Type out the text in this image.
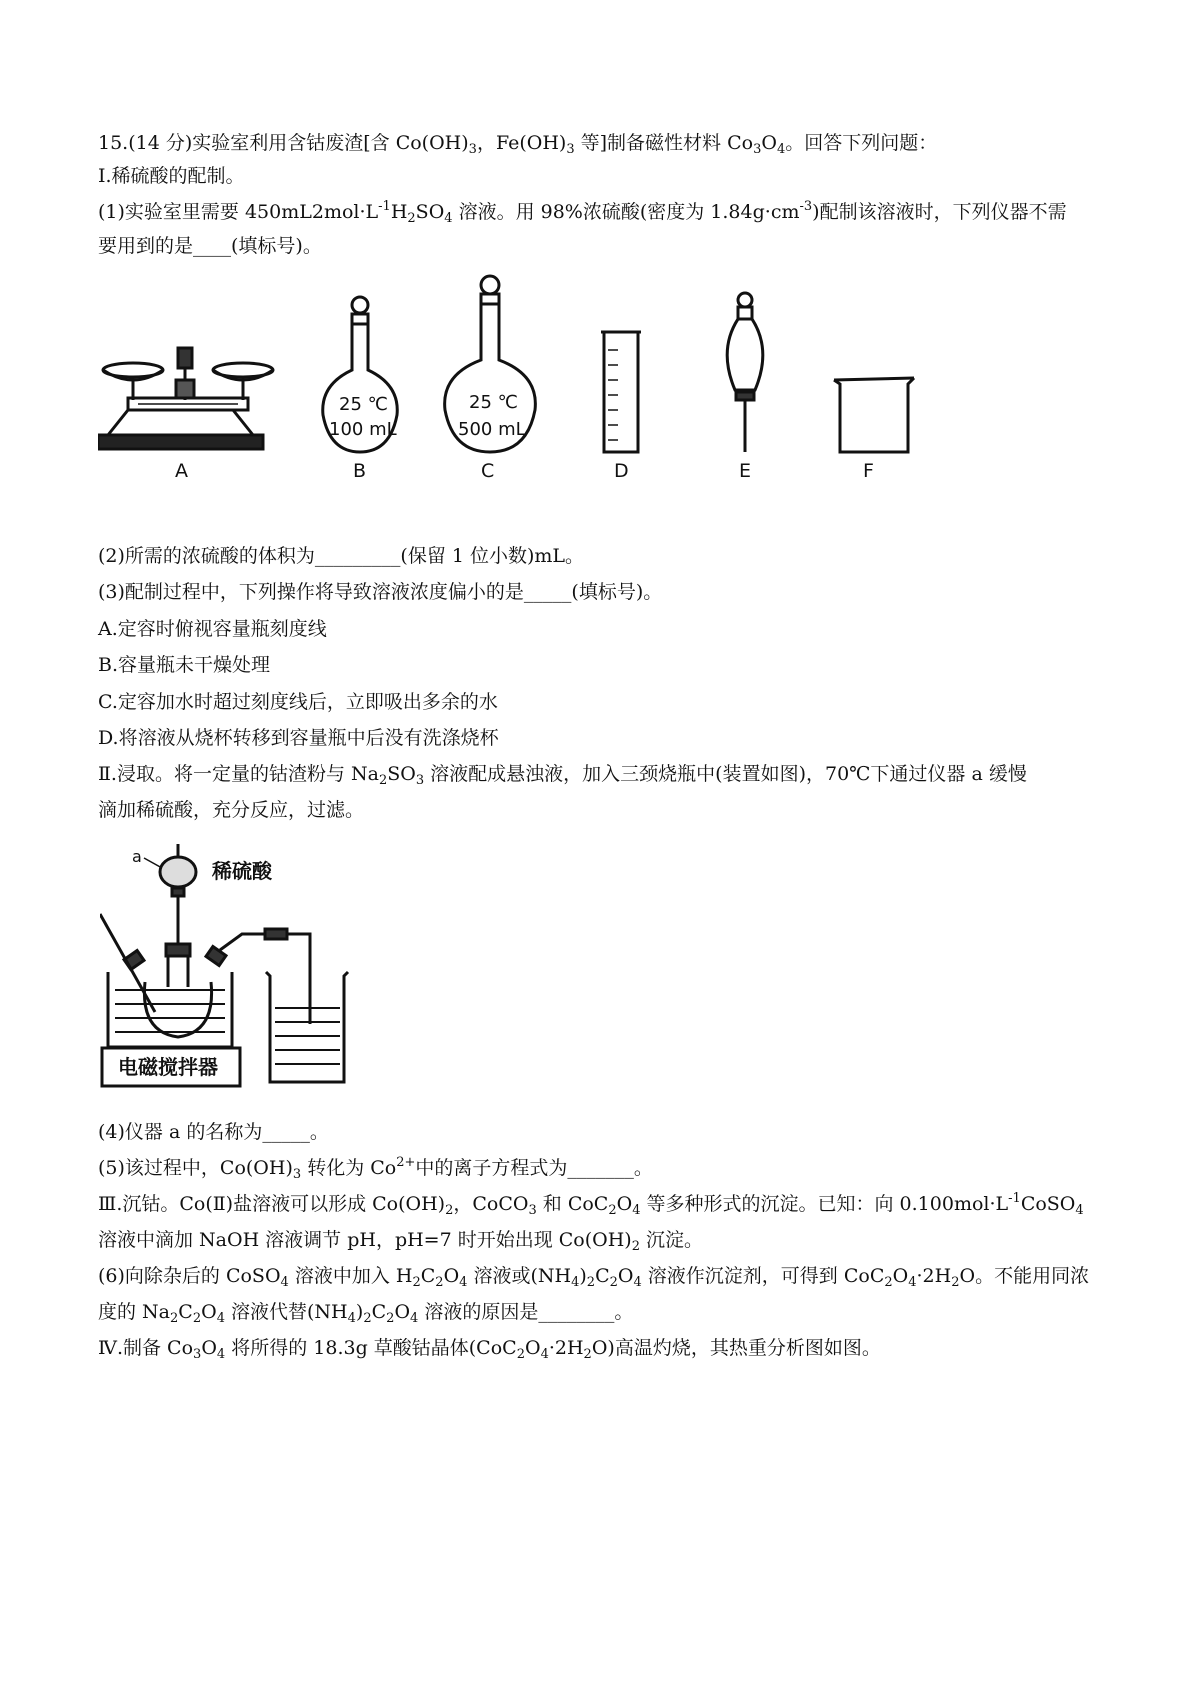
15.(14 分)实验室利用含钴废渣[含 $Co(OH)_3$，$Fe(OH)_3$ 等]制备磁性材料 $Co_3O_4$。回答下列问题：
Ⅰ.稀硫酸的配制。
(1)实验室里需要 $450mL2mol\cdot L^{-1}H_2SO_4$ 溶液。用 98%浓硫酸(密度为 $1.84g\cdot cm^{-3}$)配制该溶液时，下列仪器不需
要用到的是____(填标号)。
25 ℃
100 mL
25 ℃
500 mL
A	B	C	D	E	F
(2)所需的浓硫酸的体积为_________(保留 1 位小数)mL。
(3)配制过程中，下列操作将导致溶液浓度偏小的是_____(填标号)。
A.定容时俯视容量瓶刻度线
B.容量瓶未干燥处理
C.定容加水时超过刻度线后，立即吸出多余的水
D.将溶液从烧杯转移到容量瓶中后没有洗涤烧杯
Ⅱ.浸取。将一定量的钴渣粉与 $Na_2SO_3$ 溶液配成悬浊液，加入三颈烧瓶中(装置如图)，70℃下通过仪器 a 缓慢
滴加稀硫酸，充分反应，过滤。
a
稀硫酸
电磁搅拌器
(4)仪器 a 的名称为_____。
(5)该过程中，$Co(OH)_3$ 转化为 $Co^{2+}$中的离子方程式为_______。
Ⅲ.沉钴。Co(Ⅱ)盐溶液可以形成 $Co(OH)_2$，CoCO$_3$ 和 $CoC_2O_4$ 等多种形式的沉淀。已知：向 $0.100mol\cdot L^{-1}CoSO_4$
溶液中滴加 NaOH 溶液调节 pH，pH=7 时开始出现 $Co(OH)_2$ 沉淀。
(6)向除杂后的 CoSO$_4$ 溶液中加入 $H_2C_2O_4$ 溶液或$(NH_4)_2C_2O_4$ 溶液作沉淀剂，可得到 $CoC_2O_4\cdot 2H_2O$。不能用同浓
度的 $Na_2C_2O_4$ 溶液代替$(NH_4)_2C_2O_4$ 溶液的原因是________。
Ⅳ.制备 $Co_3O_4$ 将所得的 18.3g 草酸钴晶体$(CoC_2O_4\cdot 2H_2O)$高温灼烧，其热重分析图如图。
